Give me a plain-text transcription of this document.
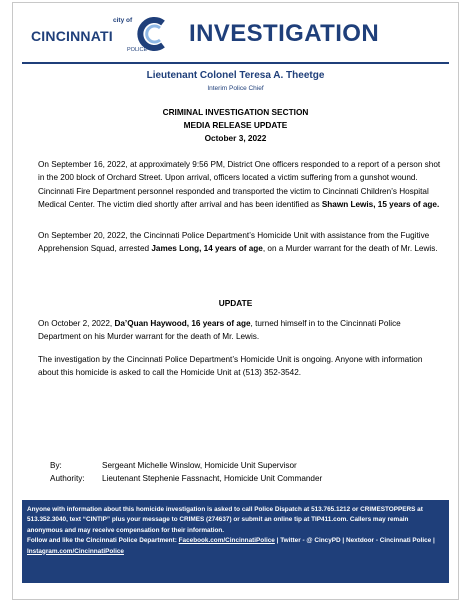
city of
CINCINNATI
POLICE
INVESTIGATION
Lieutenant Colonel Teresa A. Theetge
Interim Police Chief
CRIMINAL INVESTIGATION SECTION
MEDIA RELEASE UPDATE
October 3, 2022
On September 16, 2022, at approximately 9:56 PM, District One officers responded to a report of a person shot in the 200 block of Orchard Street. Upon arrival, officers located a victim suffering from a gunshot wound. Cincinnati Fire Department personnel responded and transported the victim to Cincinnati Children’s Hospital Medical Center. The victim died shortly after arrival and has been identified as Shawn Lewis, 15 years of age.
On September 20, 2022, the Cincinnati Police Department’s Homicide Unit with assistance from the Fugitive Apprehension Squad, arrested James Long, 14 years of age, on a Murder warrant for the death of Mr. Lewis.
UPDATE
On October 2, 2022, Da’Quan Haywood, 16 years of age, turned himself in to the Cincinnati Police Department on his Murder warrant for the death of Mr. Lewis.
The investigation by the Cincinnati Police Department’s Homicide Unit is ongoing. Anyone with information about this homicide is asked to call the Homicide Unit at (513) 352-3542.
By:	Sergeant Michelle Winslow, Homicide Unit Supervisor
Authority: Lieutenant Stephenie Fassnacht, Homicide Unit Commander
Anyone with information about this homicide investigation is asked to call Police Dispatch at 513.765.1212 or CRIMESTOPPERS at 513.352.3040, text “CINTIP” plus your message to CRIMES (274637) or submit an online tip at TIP411.com. Callers may remain anonymous and may receive compensation for their information.
Follow and like the Cincinnati Police Department: Facebook.com/CincinnatiPolice | Twitter - @ CincyPD | Nextdoor - Cincinnati Police | Instagram.com/CincinnatiPolice
